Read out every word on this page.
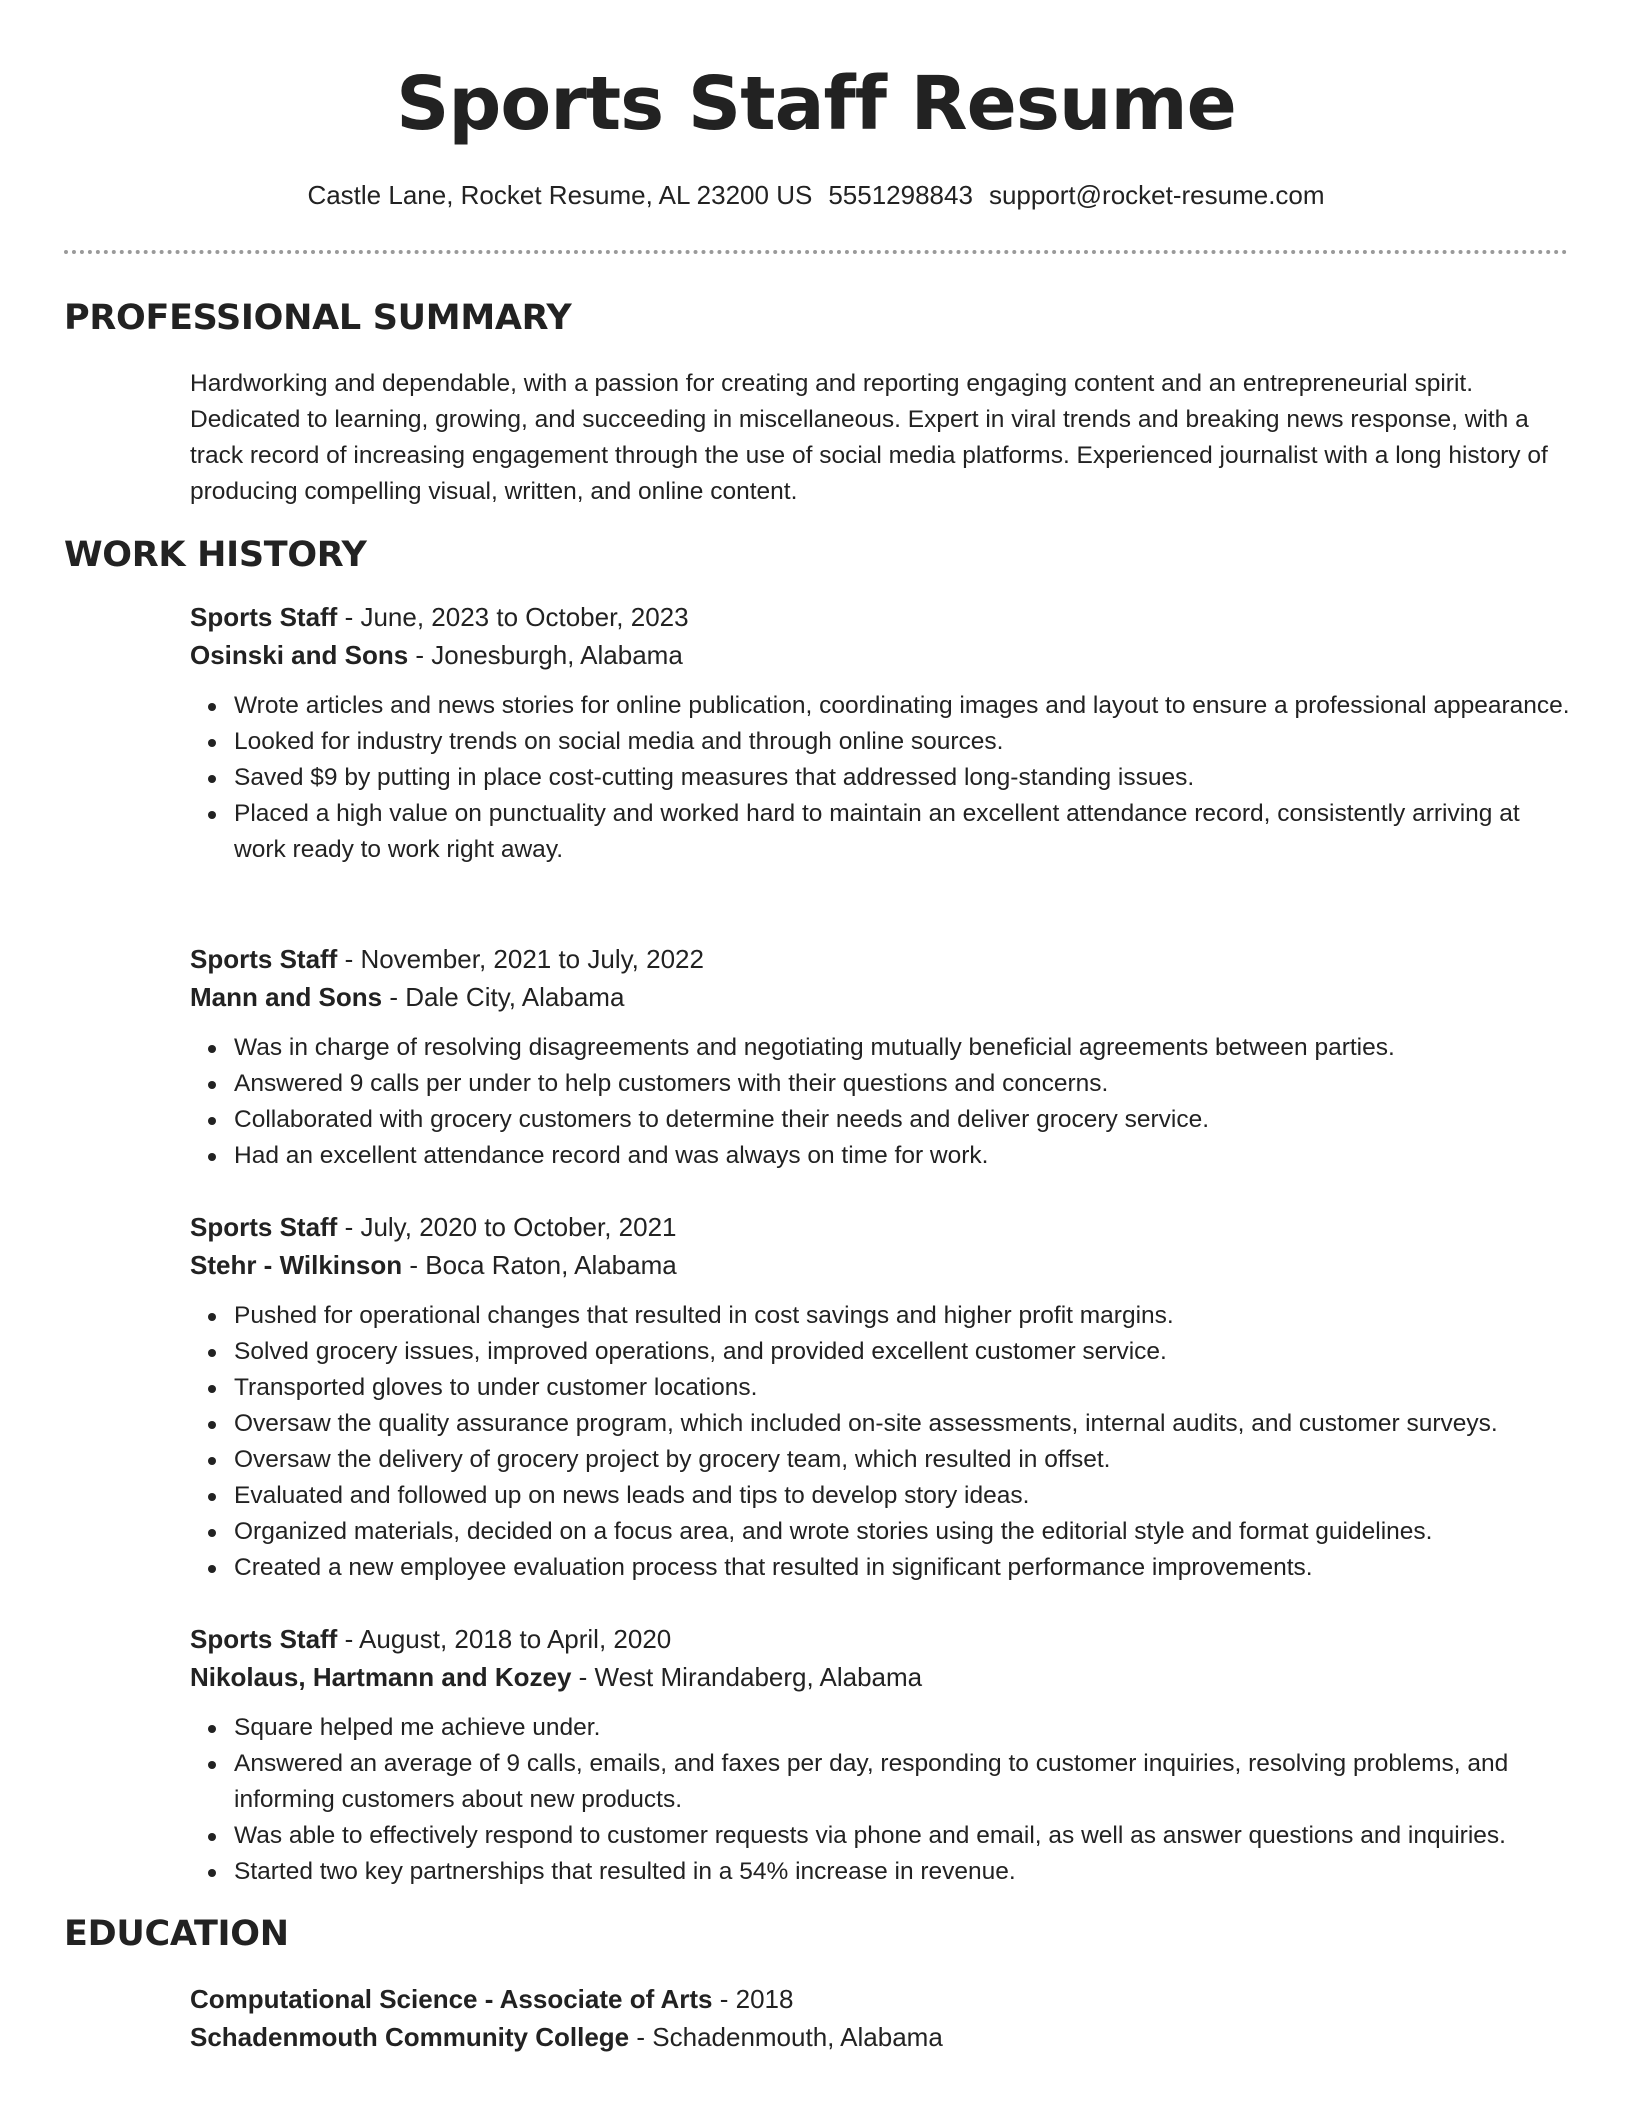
Sports Staff Resume
Castle Lane, Rocket Resume, AL 23200 US 5551298843 support@rocket-resume.com
PROFESSIONAL SUMMARY

Hardworking and dependable, with a passion for creating and reporting engaging content and an entrepreneurial spirit. Dedicated to learning, growing, and succeeding in miscellaneous. Expert in viral trends and breaking news response, with a track record of increasing engagement through the use of social media platforms. Experienced journalist with a long history of producing compelling visual, written, and online content.

WORK HISTORY
Sports Staff - June, 2023 to October, 2023
Osinski and Sons - Jonesburgh, Alabama
Wrote articles and news stories for online publication, coordinating images and layout to ensure a professional appearance.
Looked for industry trends on social media and through online sources.
Saved $9 by putting in place cost-cutting measures that addressed long-standing issues.
Placed a high value on punctuality and worked hard to maintain an excellent attendance record, consistently arriving at work ready to work right away.
Sports Staff - November, 2021 to July, 2022
Mann and Sons - Dale City, Alabama
Was in charge of resolving disagreements and negotiating mutually beneficial agreements between parties.
Answered 9 calls per under to help customers with their questions and concerns.
Collaborated with grocery customers to determine their needs and deliver grocery service.
Had an excellent attendance record and was always on time for work.
Sports Staff - July, 2020 to October, 2021
Stehr - Wilkinson - Boca Raton, Alabama
Pushed for operational changes that resulted in cost savings and higher profit margins.
Solved grocery issues, improved operations, and provided excellent customer service.
Transported gloves to under customer locations.
Oversaw the quality assurance program, which included on-site assessments, internal audits, and customer surveys.
Oversaw the delivery of grocery project by grocery team, which resulted in offset.
Evaluated and followed up on news leads and tips to develop story ideas.
Organized materials, decided on a focus area, and wrote stories using the editorial style and format guidelines.
Created a new employee evaluation process that resulted in significant performance improvements.
Sports Staff - August, 2018 to April, 2020
Nikolaus, Hartmann and Kozey - West Mirandaberg, Alabama
Square helped me achieve under.
Answered an average of 9 calls, emails, and faxes per day, responding to customer inquiries, resolving problems, and informing customers about new products.
Was able to effectively respond to customer requests via phone and email, as well as answer questions and inquiries.
Started two key partnerships that resulted in a 54% increase in revenue.
EDUCATION
Computational Science - Associate of Arts - 2018
Schadenmouth Community College - Schadenmouth, Alabama
